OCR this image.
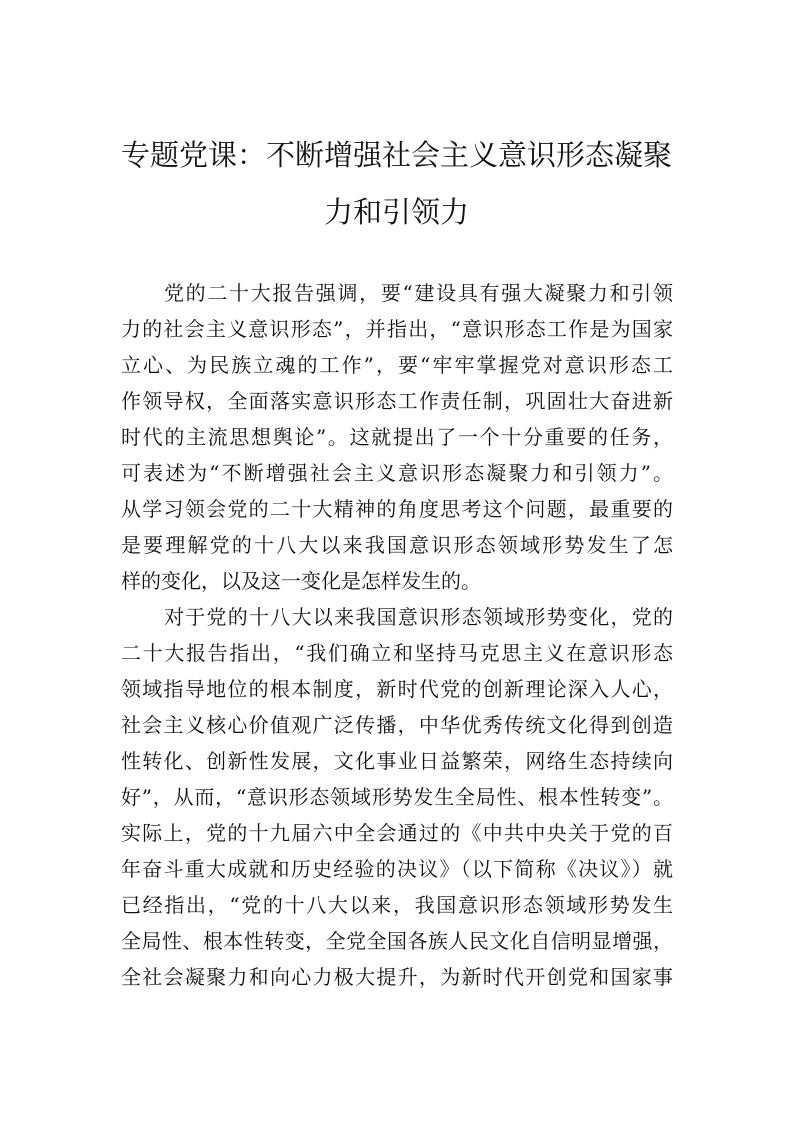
专题党课：不断增强社会主义意识形态凝聚
力和引领力
党的二十大报告强调，要“建设具有强大凝聚力和引领
力的社会主义意识形态”，并指出，“意识形态工作是为国家
立心、为民族立魂的工作”，要“牢牢掌握党对意识形态工
作领导权，全面落实意识形态工作责任制，巩固壮大奋进新
时代的主流思想舆论”。这就提出了一个十分重要的任务，
可表述为“不断增强社会主义意识形态凝聚力和引领力”。
从学习领会党的二十大精神的角度思考这个问题，最重要的
是要理解党的十八大以来我国意识形态领域形势发生了怎
样的变化，以及这一变化是怎样发生的。
对于党的十八大以来我国意识形态领域形势变化，党的
二十大报告指出，“我们确立和坚持马克思主义在意识形态
领域指导地位的根本制度，新时代党的创新理论深入人心，
社会主义核心价值观广泛传播，中华优秀传统文化得到创造
性转化、创新性发展，文化事业日益繁荣，网络生态持续向
好”，从而，“意识形态领域形势发生全局性、根本性转变”。
实际上，党的十九届六中全会通过的《中共中央关于党的百
年奋斗重大成就和历史经验的决议》（以下简称《决议》）就
已经指出，“党的十八大以来，我国意识形态领域形势发生
全局性、根本性转变，全党全国各族人民文化自信明显增强，
全社会凝聚力和向心力极大提升，为新时代开创党和国家事
